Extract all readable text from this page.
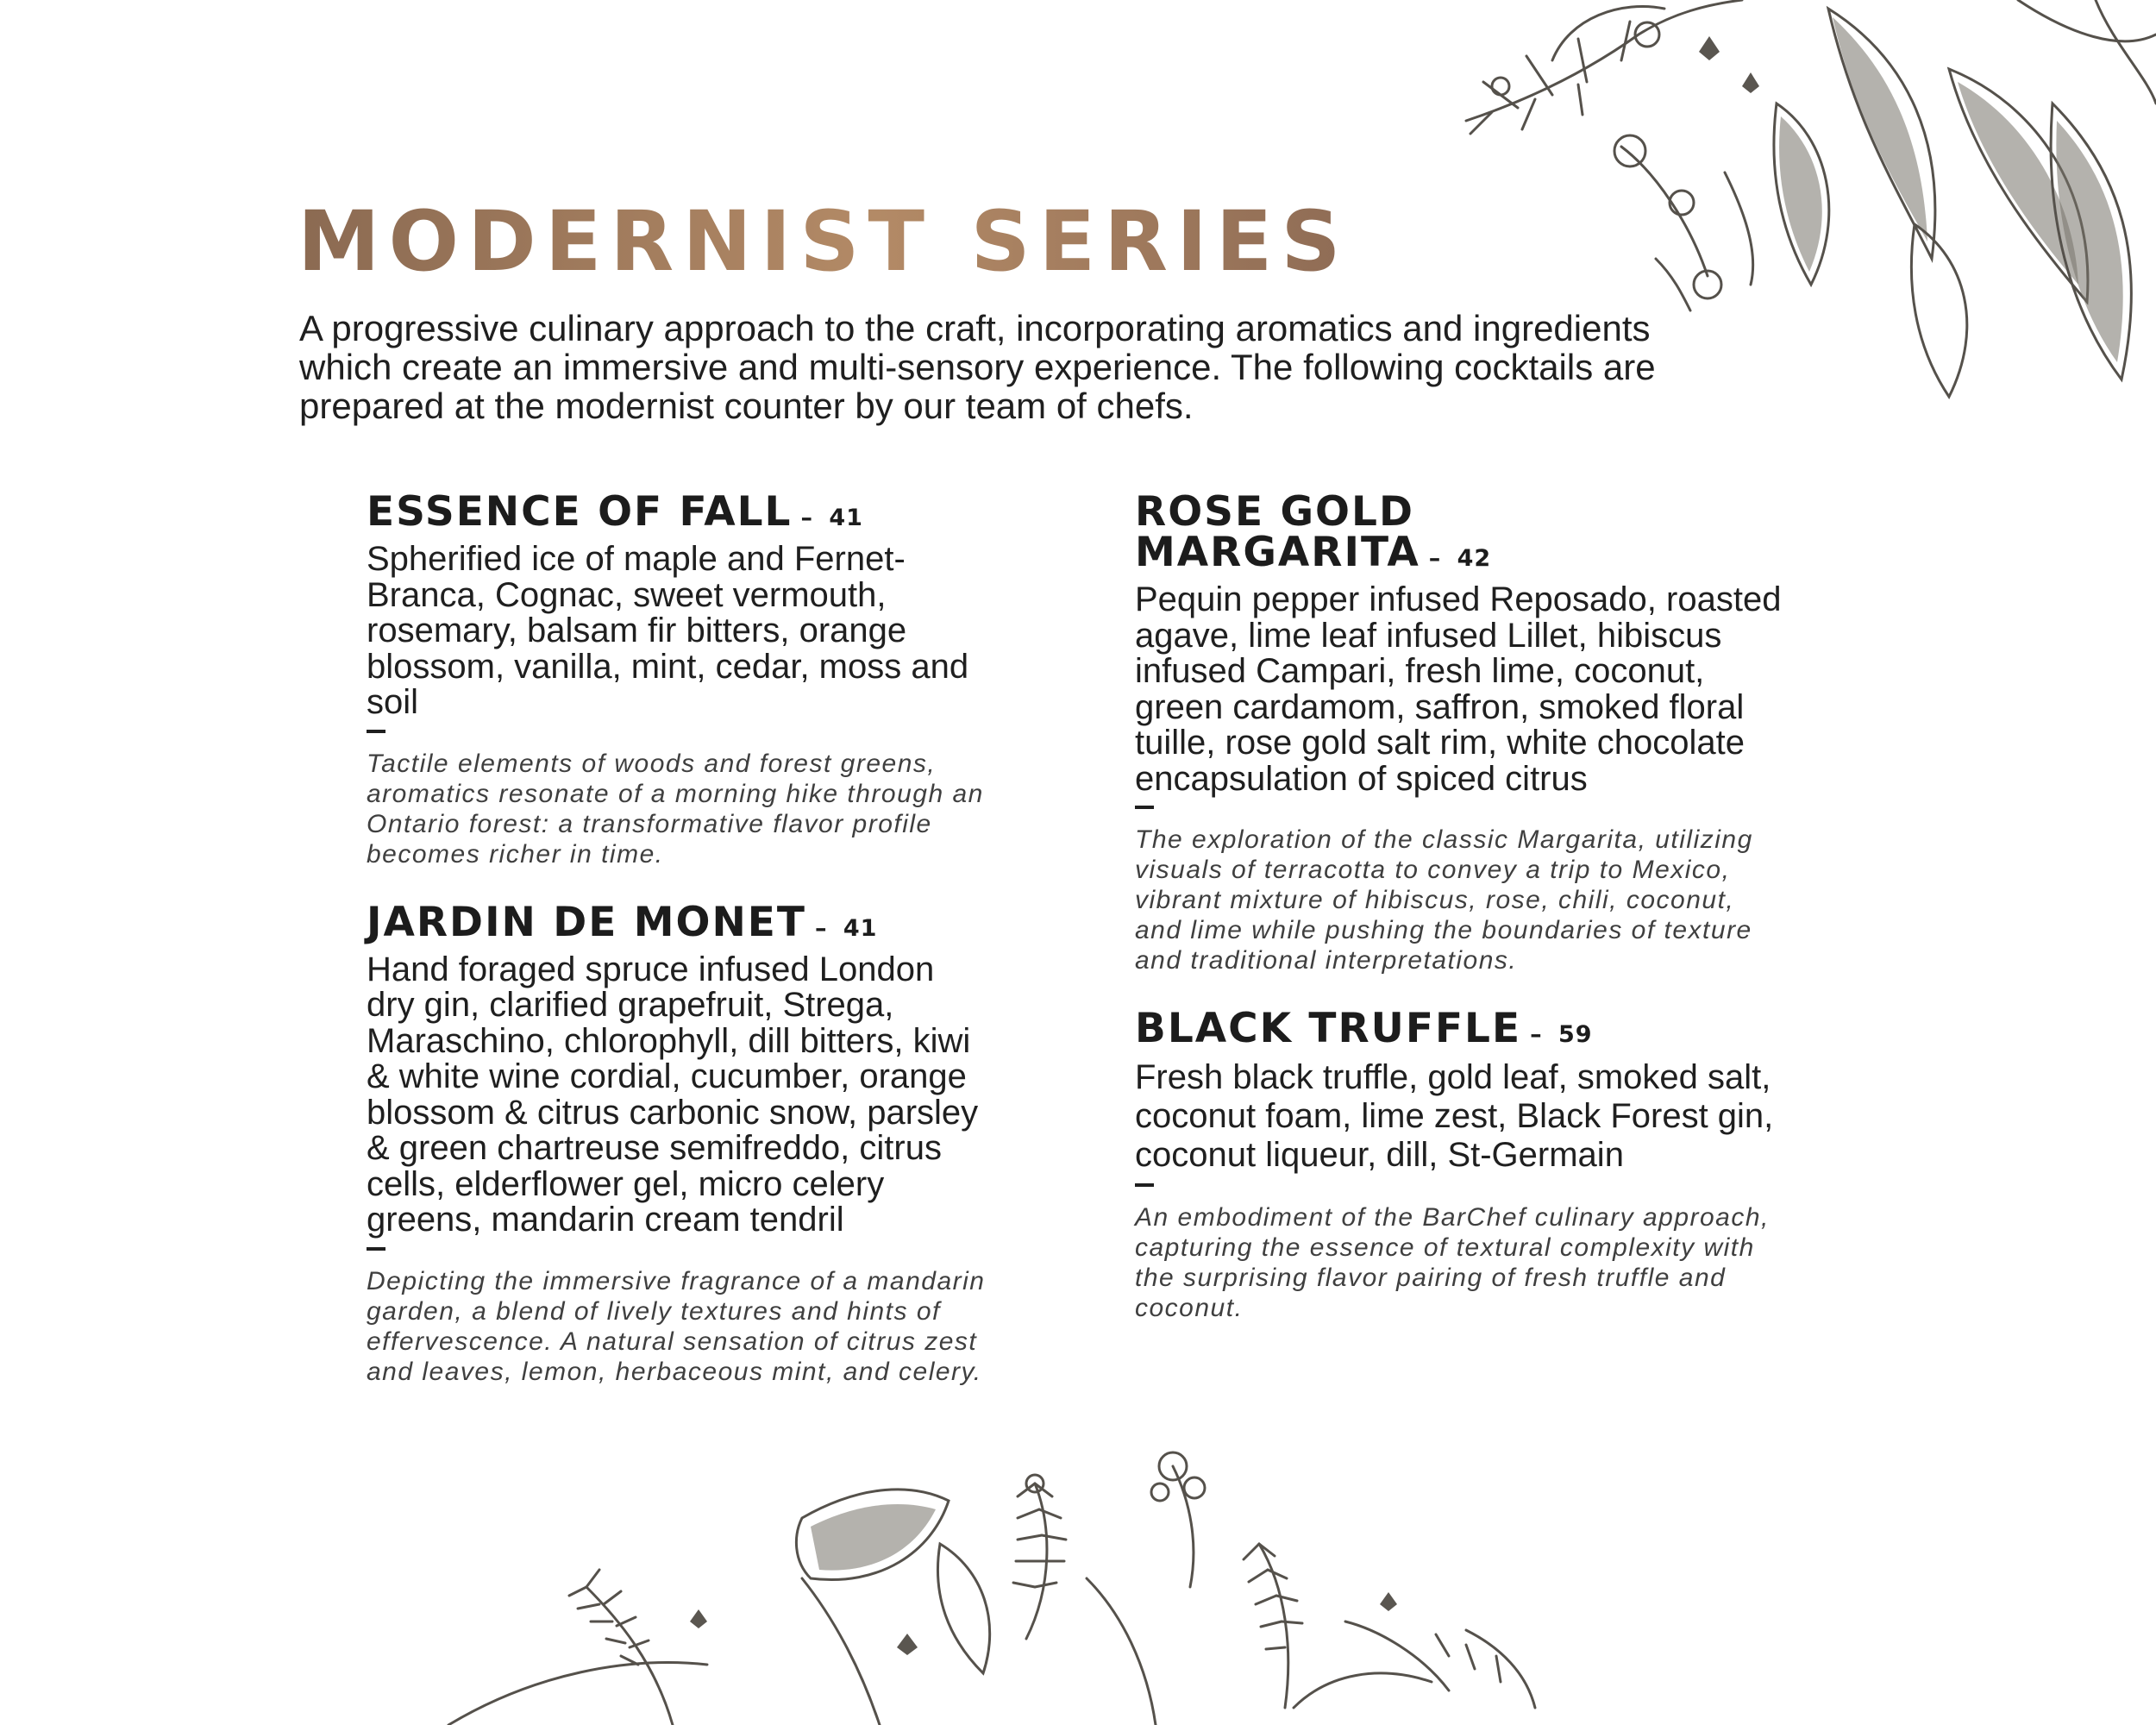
MODERNIST SERIES

A progressive culinary approach to the craft, incorporating aromatics and ingredients which create an immersive and multi-sensory experience. The following cocktails are prepared at the modernist counter by our team of chefs.

ESSENCE OF FALL – 41

Spherified ice of maple and Fernet-Branca, Cognac, sweet vermouth, rosemary, balsam fir bitters, orange blossom, vanilla, mint, cedar, moss and soil

Tactile elements of woods and forest greens, aromatics resonate of a morning hike through an Ontario forest: a transformative flavor profile becomes richer in time.

JARDIN DE MONET – 41

Hand foraged spruce infused London dry gin, clarified grapefruit, Strega, Maraschino, chlorophyll, dill bitters, kiwi & white wine cordial, cucumber, orange blossom & citrus carbonic snow, parsley & green chartreuse semifreddo, citrus cells, elderflower gel, micro celery greens, mandarin cream tendril

Depicting the immersive fragrance of a mandarin garden, a blend of lively textures and hints of effervescence. A natural sensation of citrus zest and leaves, lemon, herbaceous mint, and celery.

ROSE GOLD MARGARITA – 42

Pequin pepper infused Reposado, roasted agave, lime leaf infused Lillet, hibiscus infused Campari, fresh lime, coconut, green cardamom, saffron, smoked floral tuille, rose gold salt rim, white chocolate encapsulation of spiced citrus

The exploration of the classic Margarita, utilizing visuals of terracotta to convey a trip to Mexico, vibrant mixture of hibiscus, rose, chili, coconut, and lime while pushing the boundaries of texture and traditional interpretations.

BLACK TRUFFLE – 59

Fresh black truffle, gold leaf, smoked salt, coconut foam, lime zest, Black Forest gin, coconut liqueur, dill, St-Germain

An embodiment of the BarChef culinary approach, capturing the essence of textural complexity with the surprising flavor pairing of fresh truffle and coconut.
